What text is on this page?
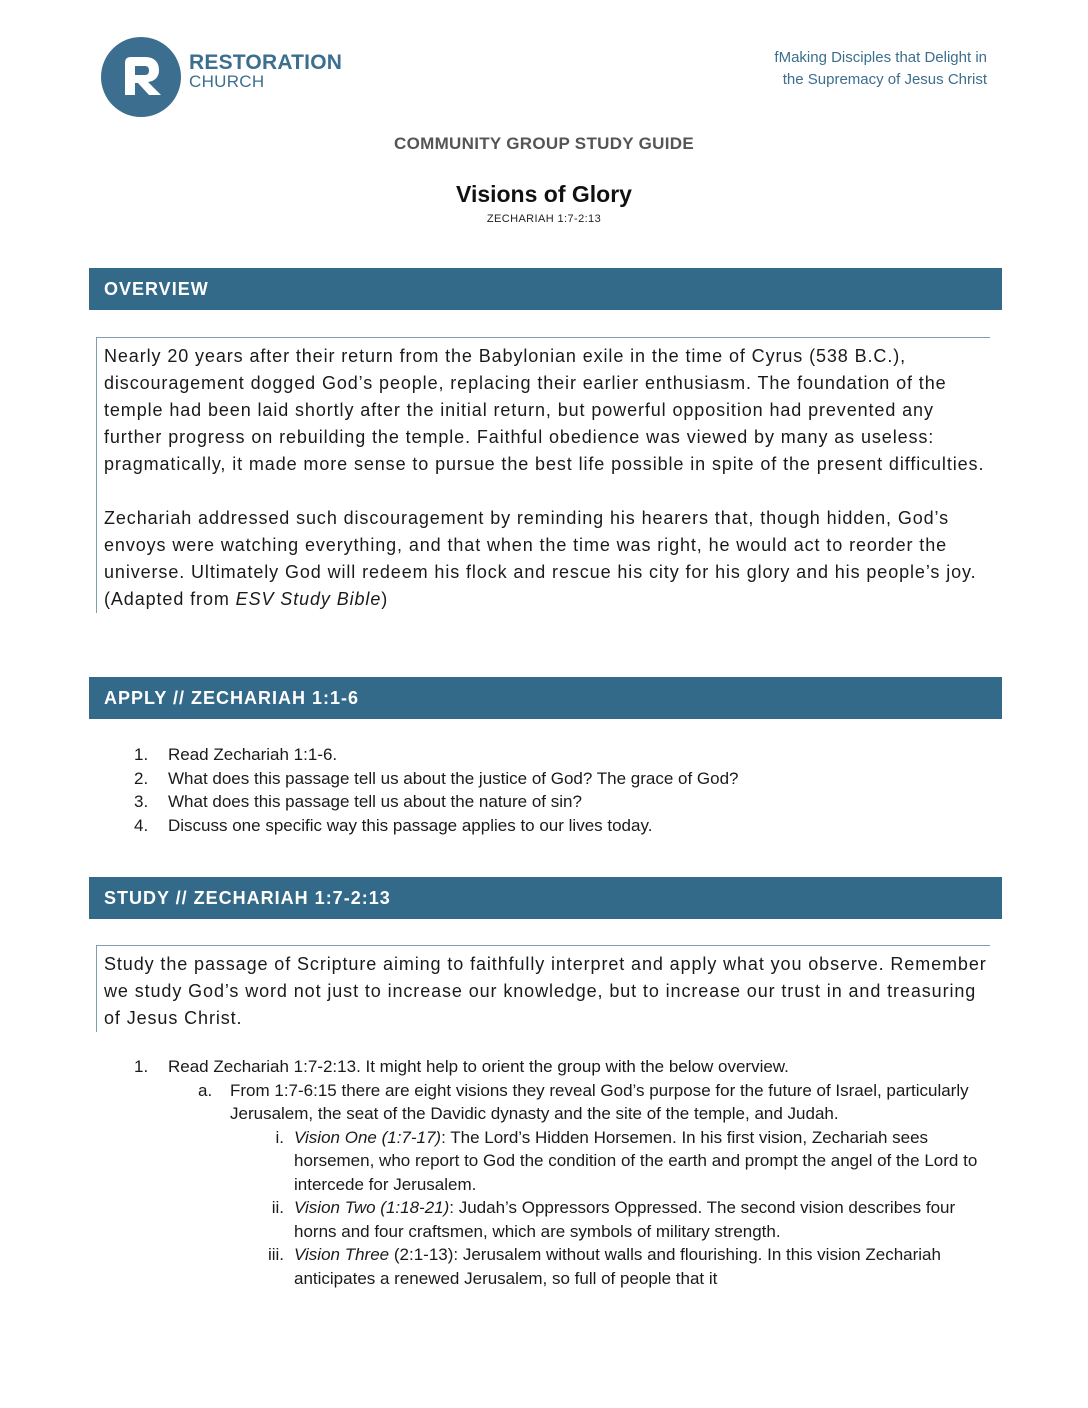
RESTORATION
CHURCH
fMaking Disciples that Delight in
the Supremacy of Jesus Christ
COMMUNITY GROUP STUDY GUIDE
Visions of Glory
ZECHARIAH 1:7-2:13
OVERVIEW

Nearly 20 years after their return from the Babylonian exile in the time of Cyrus (538 B.C.), discouragement dogged God’s people, replacing their earlier enthusiasm. The foundation of the temple had been laid shortly after the initial return, but powerful opposition had prevented any further progress on rebuilding the temple. Faithful obedience was viewed by many as useless: pragmatically, it made more sense to pursue the best life possible in spite of the present difficulties.

Zechariah addressed such discouragement by reminding his hearers that, though hidden, God’s envoys were watching everything, and that when the time was right, he would act to reorder the universe. Ultimately God will redeem his flock and rescue his city for his glory and his people’s joy. (Adapted from ESV Study Bible)

APPLY // ZECHARIAH 1:1-6
1.	Read Zechariah 1:1-6.
2.	What does this passage tell us about the justice of God? The grace of God?
3.	What does this passage tell us about the nature of sin?
4.	Discuss one specific way this passage applies to our lives today.
STUDY // ZECHARIAH 1:7-2:13

Study the passage of Scripture aiming to faithfully interpret and apply what you observe. Remember we study God’s word not just to increase our knowledge, but to increase our trust in and treasuring of Jesus Christ.

1.	Read Zechariah 1:7-2:13. It might help to orient the group with the below overview.
a.	From 1:7-6:15 there are eight visions they reveal God’s purpose for the future of Israel, particularly Jerusalem, the seat of the Davidic dynasty and the site of the temple, and Judah.
i. Vision One (1:7-17): The Lord’s Hidden Horsemen. In his first vision, Zechariah sees horsemen, who report to God the condition of the earth and prompt the angel of the Lord to intercede for Jerusalem.
ii. Vision Two (1:18-21): Judah’s Oppressors Oppressed. The second vision describes four horns and four craftsmen, which are symbols of military strength.
iii. Vision Three (2:1-13): Jerusalem without walls and flourishing. In this vision Zechariah anticipates a renewed Jerusalem, so full of people that it
